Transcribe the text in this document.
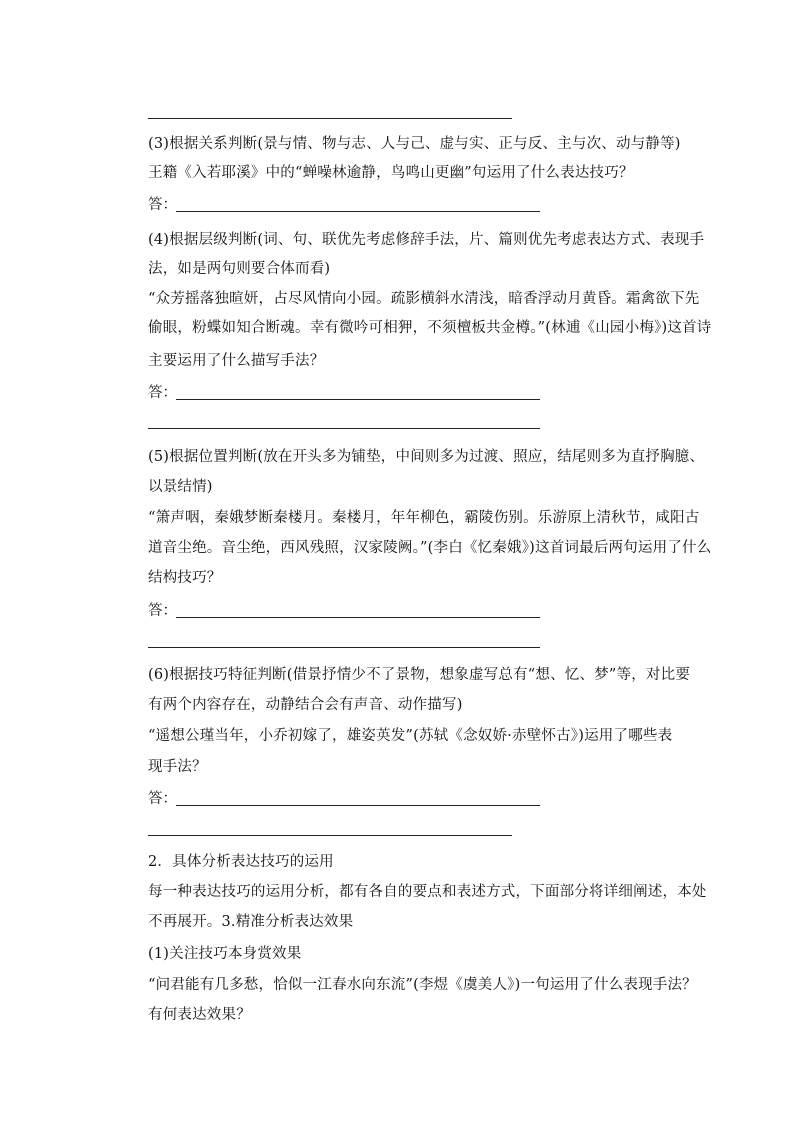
(3)根据关系判断(景与情、物与志、人与己、虚与实、正与反、主与次、动与静等)
王籍《入若耶溪》中的“蝉噪林逾静，鸟鸣山更幽”句运用了什么表达技巧？
答：
(4)根据层级判断(词、句、联优先考虑修辞手法，片、篇则优先考虑表达方式、表现手
法，如是两句则要合体而看)
“众芳摇落独暄妍，占尽风情向小园。疏影横斜水清浅，暗香浮动月黄昏。霜禽欲下先
偷眼，粉蝶如知合断魂。幸有微吟可相狎，不须檀板共金樽。”(林逋《山园小梅》)这首诗
主要运用了什么描写手法？
答：
(5)根据位置判断(放在开头多为铺垫，中间则多为过渡、照应，结尾则多为直抒胸臆、
以景结情)
“箫声咽，秦娥梦断秦楼月。秦楼月，年年柳色，霸陵伤别。乐游原上清秋节，咸阳古
道音尘绝。音尘绝，西风残照，汉家陵阙。”(李白《忆秦娥》)这首词最后两句运用了什么
结构技巧？
答：
(6)根据技巧特征判断(借景抒情少不了景物，想象虚写总有“想、忆、梦”等，对比要
有两个内容存在，动静结合会有声音、动作描写)
“遥想公瑾当年，小乔初嫁了，雄姿英发”(苏轼《念奴娇·赤壁怀古》)运用了哪些表
现手法？
答：
2．具体分析表达技巧的运用
每一种表达技巧的运用分析，都有各自的要点和表述方式，下面部分将详细阐述，本处
不再展开。3.精准分析表达效果
(1)关注技巧本身赏效果
“问君能有几多愁，恰似一江春水向东流”(李煜《虞美人》)一句运用了什么表现手法？
有何表达效果？
